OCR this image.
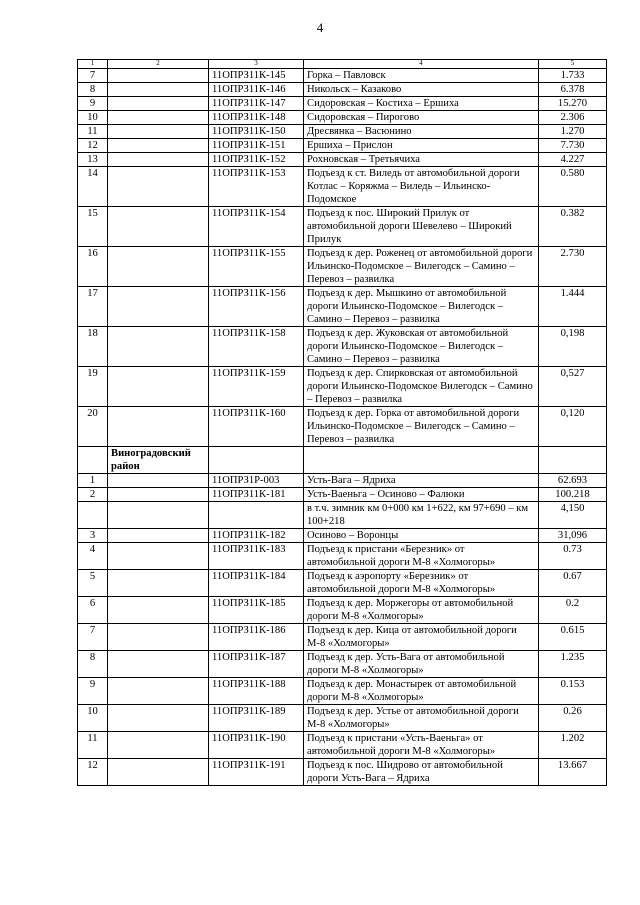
4
1	2	3	4	5
7		11ОПРЗ11К-145	Горка – Павловск	1.733
8		11ОПРЗ11К-146	Никольск – Казаково	6.378
9		11ОПРЗ11К-147	Сидоровская – Костиха – Ершиха	15.270
10		11ОПРЗ11К-148	Сидоровская – Пирогово	2.306
11		11ОПРЗ11К-150	Дресвянка – Васюнино	1.270
12		11ОПРЗ11К-151	Ершиха – Прислон	7.730
13		11ОПРЗ11К-152	Рохновская – Третьячиха	4.227
14		11ОПРЗ11К-153	Подъезд к ст. Виледь от автомобильной дороги Котлас – Коряжма – Виледь – Ильинско-Подомское	0.580
15		11ОПРЗ11К-154	Подъезд к пос. Широкий Прилук от автомобильной дороги Шевелево – Широкий Прилук	0.382
16		11ОПРЗ11К-155	Подъезд к дер. Роженец от автомобильной дороги Ильинско-Подомское – Вилегодск – Самино – Перевоз – развилка	2.730
17		11ОПРЗ11К-156	Подъезд к дер. Мышкино от автомобильной дороги Ильинско-Подомское – Вилегодск – Самино – Перевоз – развилка	1.444
18		11ОПРЗ11К-158	Подъезд к дер. Жуковская от автомобильной дороги Ильинско-Подомское – Вилегодск – Самино – Перевоз – развилка	0,198
19		11ОПРЗ11К-159	Подъезд к дер. Спирковская от автомобильной дороги Ильинско-Подомское Вилегодск – Самино – Перевоз – развилка	0,527
20		11ОПРЗ11К-160	Подъезд к дер. Горка от автомобильной дороги Ильинско-Подомское – Вилегодск – Самино – Перевоз – развилка	0,120
	Виноградовский район			
1		11ОПРЗ1Р-003	Усть-Вага – Ядриха	62.693
2		11ОПРЗ11К-181	Усть-Ваеньга – Осиново – Фалюки	100.218
			в т.ч. зимник км 0+000 км 1+622, км 97+690 – км 100+218	4,150
3		11ОПРЗ11К-182	Осиново – Воронцы	31,096
4		11ОПРЗ11К-183	Подъезд к пристани «Березник» от автомобильной дороги М-8 «Холмогоры»	0.73
5		11ОПРЗ11К-184	Подъезд к аэропорту «Березник» от автомобильной дороги М-8 «Холмогоры»	0.67
6		11ОПРЗ11К-185	Подъезд к дер. Моржегоры от автомобильной дороги М-8 «Холмогоры»	0.2
7		11ОПРЗ11К-186	Подъезд к дер. Кица от автомобильной дороги М-8 «Холмогоры»	0.615
8		11ОПРЗ11К-187	Подъезд к дер. Усть-Вага от автомобильной дороги М-8 «Холмогоры»	1.235
9		11ОПРЗ11К-188	Подъезд к дер. Монастырек от автомобильной дороги М-8 «Холмогоры»	0.153
10		11ОПРЗ11К-189	Подъезд к дер. Устье от автомобильной дороги М-8 «Холмогоры»	0.26
11		11ОПРЗ11К-190	Подъезд к пристани «Усть-Ваеньга» от автомобильной дороги М-8 «Холмогоры»	1.202
12		11ОПРЗ11К-191	Подъезд к пос. Шидрово от автомобильной дороги Усть-Вага – Ядриха	13.667
